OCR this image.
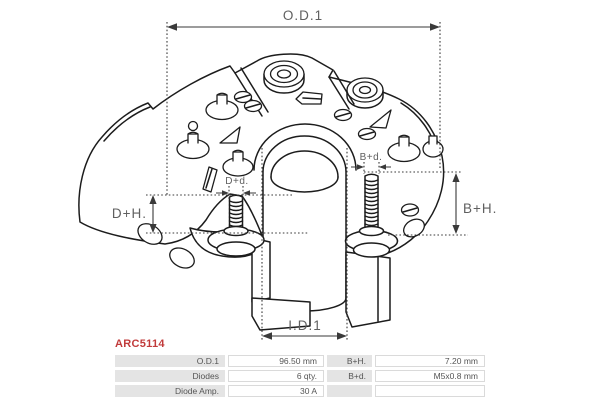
O.D.1
I.D.1
D+H.	B+H.
D+d.
B+d.
ARC5114
O.D.1	96.50 mm	B+H.	7.20 mm
Diodes	6 qty.	B+d.	M5x0.8 mm
Diode Amp.	30 A
